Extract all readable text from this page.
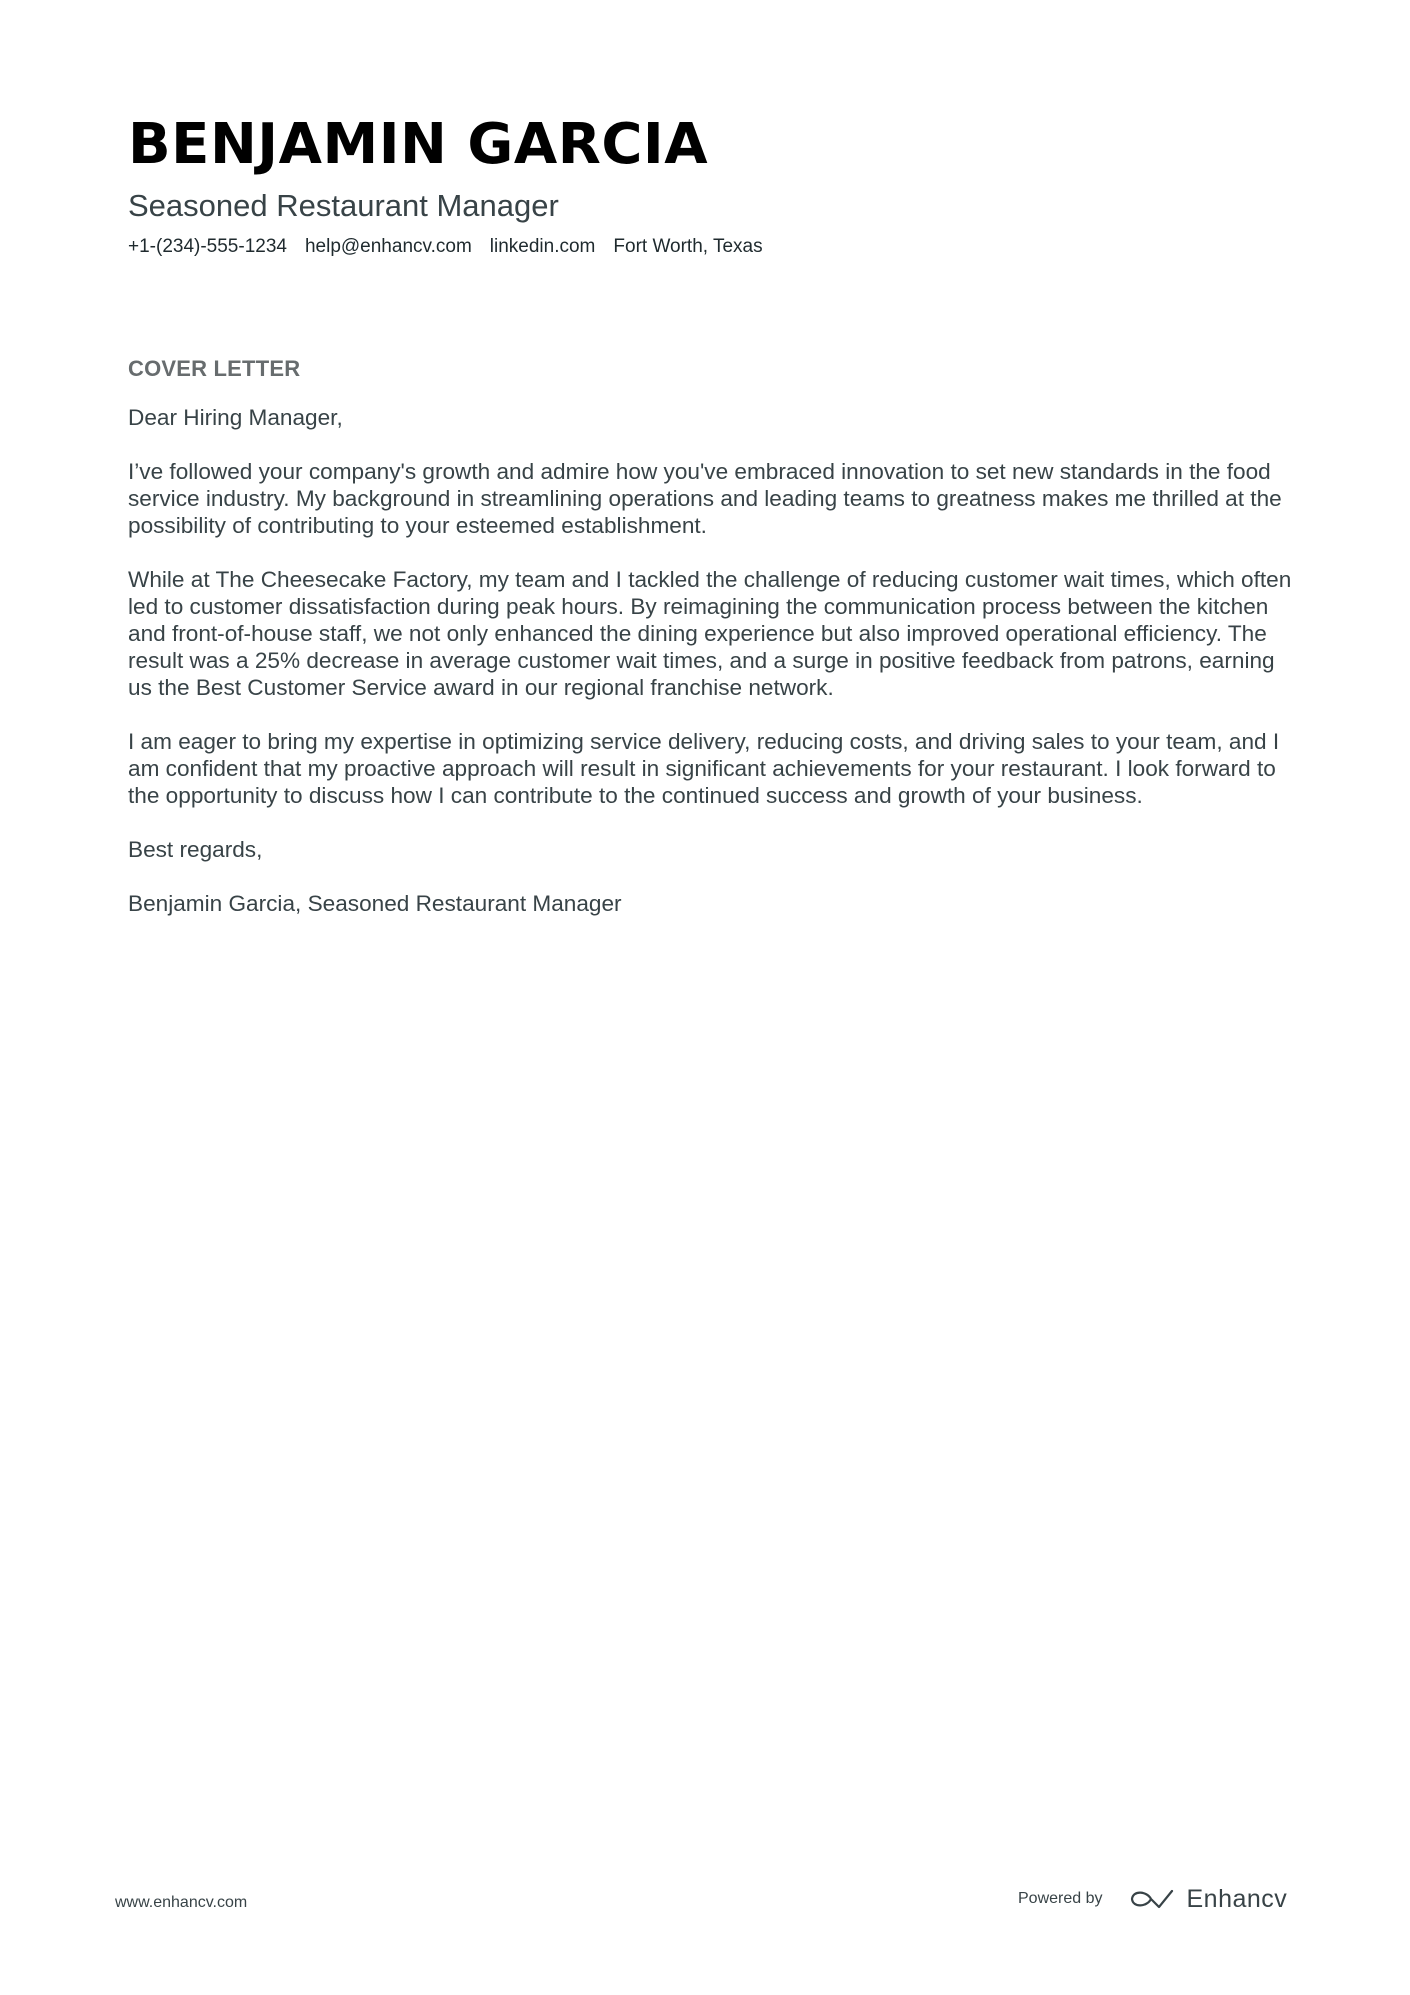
BENJAMIN GARCIA
Seasoned Restaurant Manager
+1-(234)-555-1234 help@enhancv.com linkedin.com Fort Worth, Texas
COVER LETTER

Dear Hiring Manager,

I’ve followed your company's growth and admire how you've embraced innovation to set new standards in the food service industry. My background in streamlining operations and leading teams to greatness makes me thrilled at the possibility of contributing to your esteemed establishment.

While at The Cheesecake Factory, my team and I tackled the challenge of reducing customer wait times, which often led to customer dissatisfaction during peak hours. By reimagining the communication process between the kitchen and front-of-house staff, we not only enhanced the dining experience but also improved operational efficiency. The result was a 25% decrease in average customer wait times, and a surge in positive feedback from patrons, earning us the Best Customer Service award in our regional franchise network.

I am eager to bring my expertise in optimizing service delivery, reducing costs, and driving sales to your team, and I am confident that my proactive approach will result in significant achievements for your restaurant. I look forward to the opportunity to discuss how I can contribute to the continued success and growth of your business.

Best regards,

Benjamin Garcia, Seasoned Restaurant Manager

www.enhancv.com	Powered by	Enhancv
